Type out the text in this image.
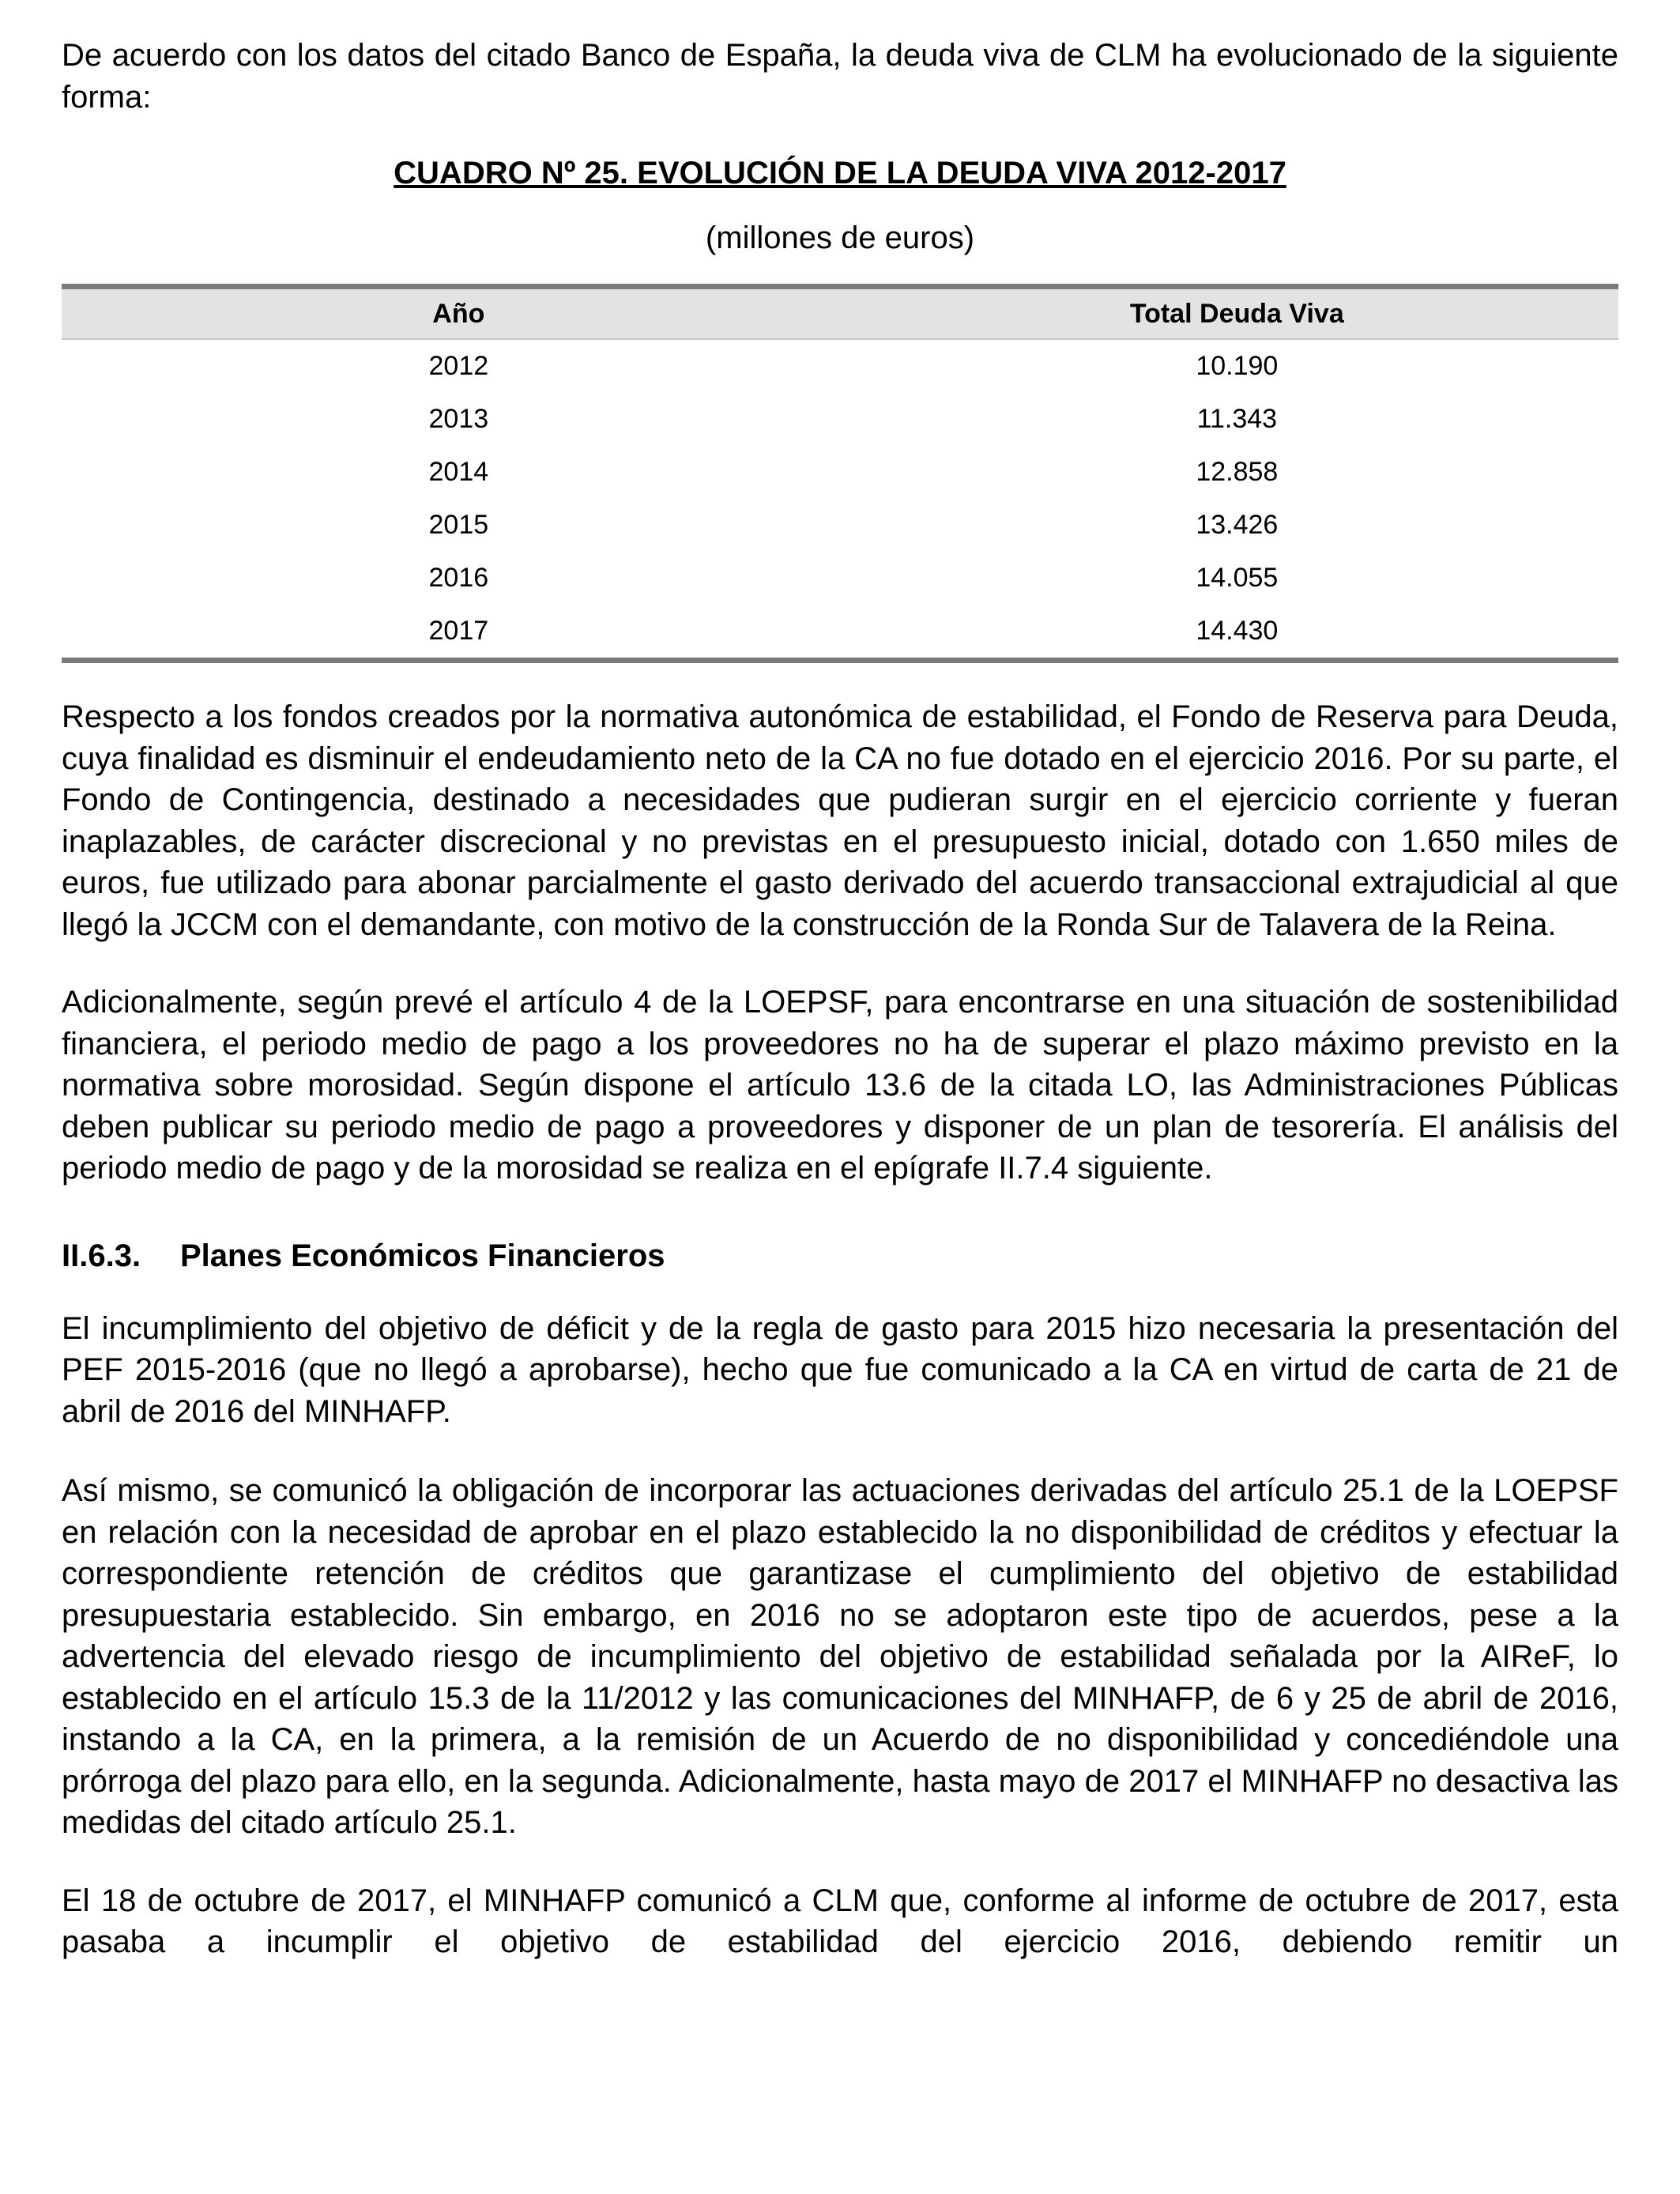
De acuerdo con los datos del citado Banco de España, la deuda viva de CLM ha evolucionado de la siguiente forma:

CUADRO Nº 25. EVOLUCIÓN DE LA DEUDA VIVA 2012-2017
(millones de euros)
Año	Total Deuda Viva
2012	10.190
2013	11.343
2014	12.858
2015	13.426
2016	14.055
2017	14.430

Respecto a los fondos creados por la normativa autonómica de estabilidad, el Fondo de Reserva para Deuda, cuya finalidad es disminuir el endeudamiento neto de la CA no fue dotado en el ejercicio 2016. Por su parte, el Fondo de Contingencia, destinado a necesidades que pudieran surgir en el ejercicio corriente y fueran inaplazables, de carácter discrecional y no previstas en el presupuesto inicial, dotado con 1.650 miles de euros, fue utilizado para abonar parcialmente el gasto derivado del acuerdo transaccional extrajudicial al que llegó la JCCM con el demandante, con motivo de la construcción de la Ronda Sur de Talavera de la Reina.

Adicionalmente, según prevé el artículo 4 de la LOEPSF, para encontrarse en una situación de sostenibilidad financiera, el periodo medio de pago a los proveedores no ha de superar el plazo máximo previsto en la normativa sobre morosidad. Según dispone el artículo 13.6 de la citada LO, las Administraciones Públicas deben publicar su periodo medio de pago a proveedores y disponer de un plan de tesorería. El análisis del periodo medio de pago y de la morosidad se realiza en el epígrafe II.7.4 siguiente.

II.6.3. Planes Económicos Financieros

El incumplimiento del objetivo de déficit y de la regla de gasto para 2015 hizo necesaria la presentación del PEF 2015-2016 (que no llegó a aprobarse), hecho que fue comunicado a la CA en virtud de carta de 21 de abril de 2016 del MINHAFP.

Así mismo, se comunicó la obligación de incorporar las actuaciones derivadas del artículo 25.1 de la LOEPSF en relación con la necesidad de aprobar en el plazo establecido la no disponibilidad de créditos y efectuar la correspondiente retención de créditos que garantizase el cumplimiento del objetivo de estabilidad presupuestaria establecido. Sin embargo, en 2016 no se adoptaron este tipo de acuerdos, pese a la advertencia del elevado riesgo de incumplimiento del objetivo de estabilidad señalada por la AIReF, lo establecido en el artículo 15.3 de la 11/2012 y las comunicaciones del MINHAFP, de 6 y 25 de abril de 2016, instando a la CA, en la primera, a la remisión de un Acuerdo de no disponibilidad y concediéndole una prórroga del plazo para ello, en la segunda. Adicionalmente, hasta mayo de 2017 el MINHAFP no desactiva las medidas del citado artículo 25.1.

El 18 de octubre de 2017, el MINHAFP comunicó a CLM que, conforme al informe de octubre de 2017, esta pasaba a incumplir el objetivo de estabilidad del ejercicio 2016, debiendo remitir un
